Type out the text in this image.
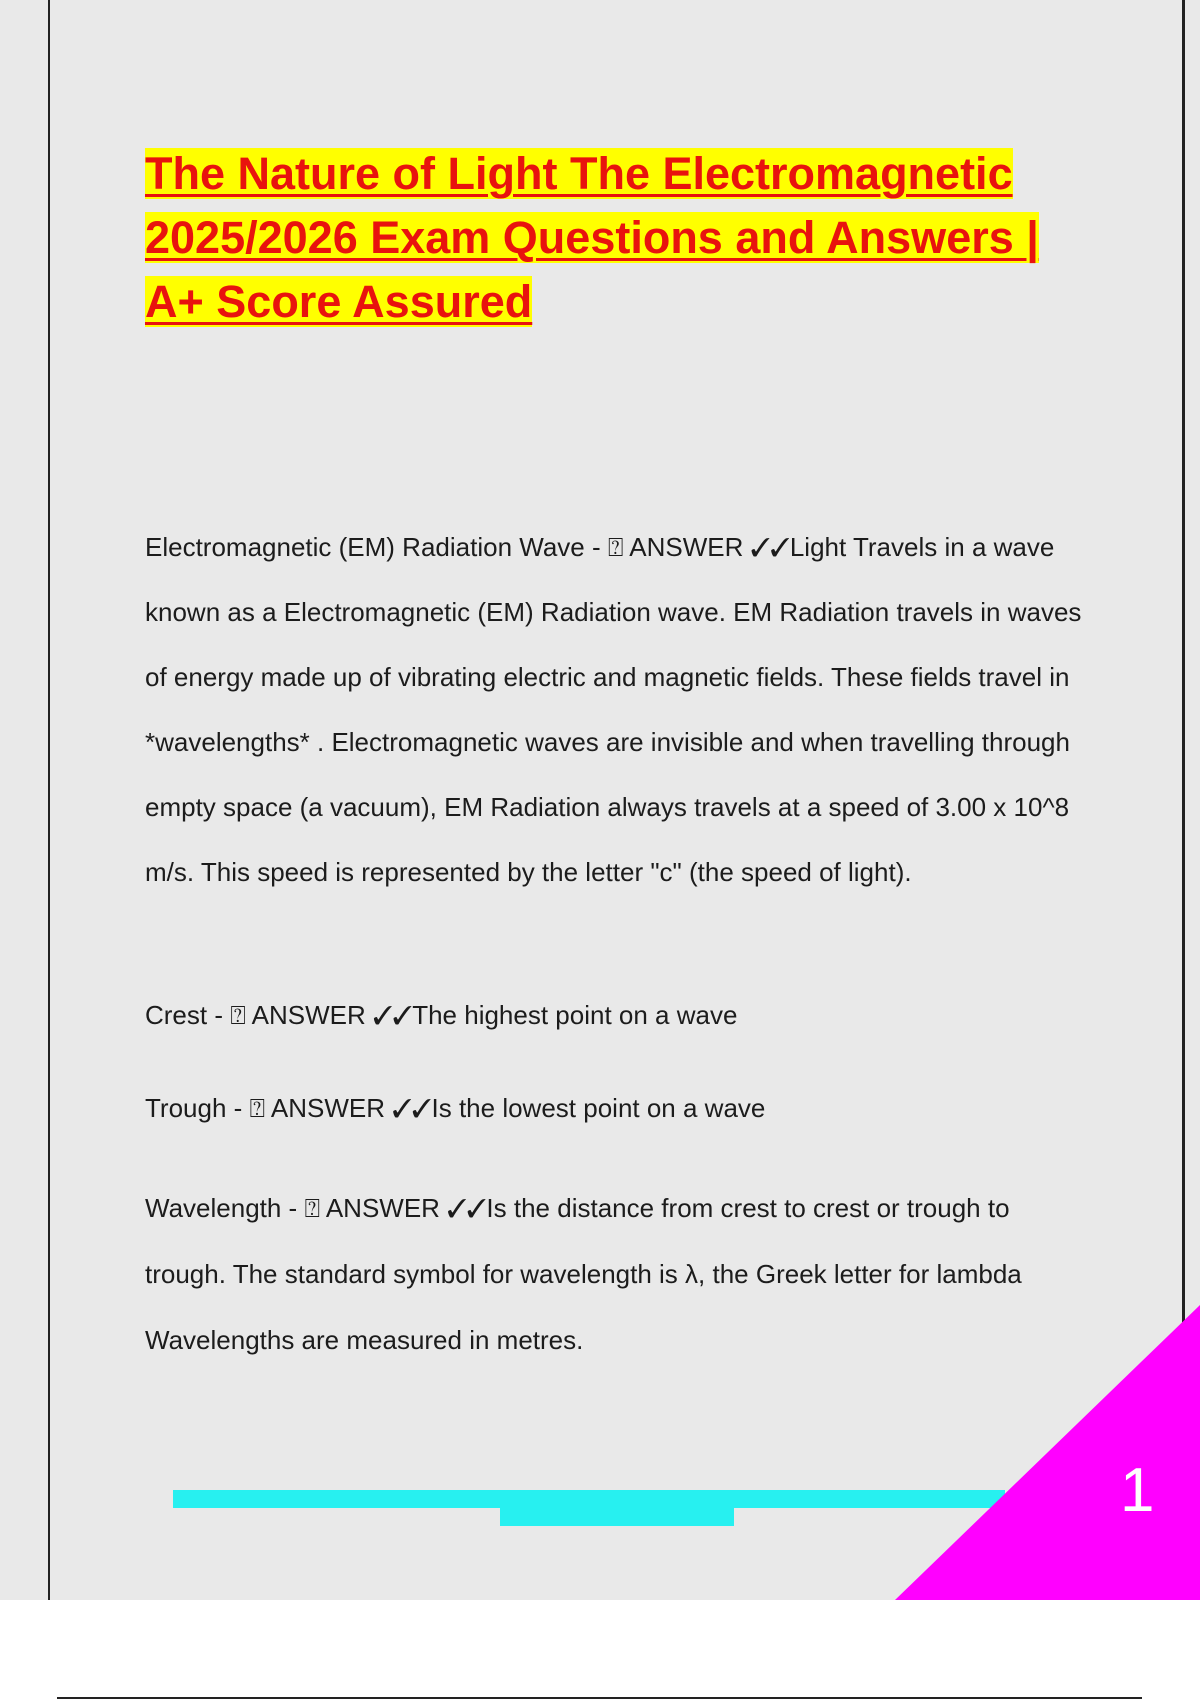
The Nature of Light The Electromagnetic 2025/2026 Exam Questions and Answers | A+ Score Assured

Electromagnetic (EM) Radiation Wave - ⍰ ANSWER ✓✓Light Travels in a wave known as a Electromagnetic (EM) Radiation wave. EM Radiation travels in waves of energy made up of vibrating electric and magnetic fields. These fields travel in *wavelengths* . Electromagnetic waves are invisible and when travelling through empty space (a vacuum), EM Radiation always travels at a speed of 3.00 x 10^8 m/s. This speed is represented by the letter "c" (the speed of light).

Crest - ⍰ ANSWER ✓✓The highest point on a wave

Trough - ⍰ ANSWER ✓✓Is the lowest point on a wave

Wavelength - ⍰ ANSWER ✓✓Is the distance from crest to crest or trough to trough. The standard symbol for wavelength is λ, the Greek letter for lambda Wavelengths are measured in metres.

1
